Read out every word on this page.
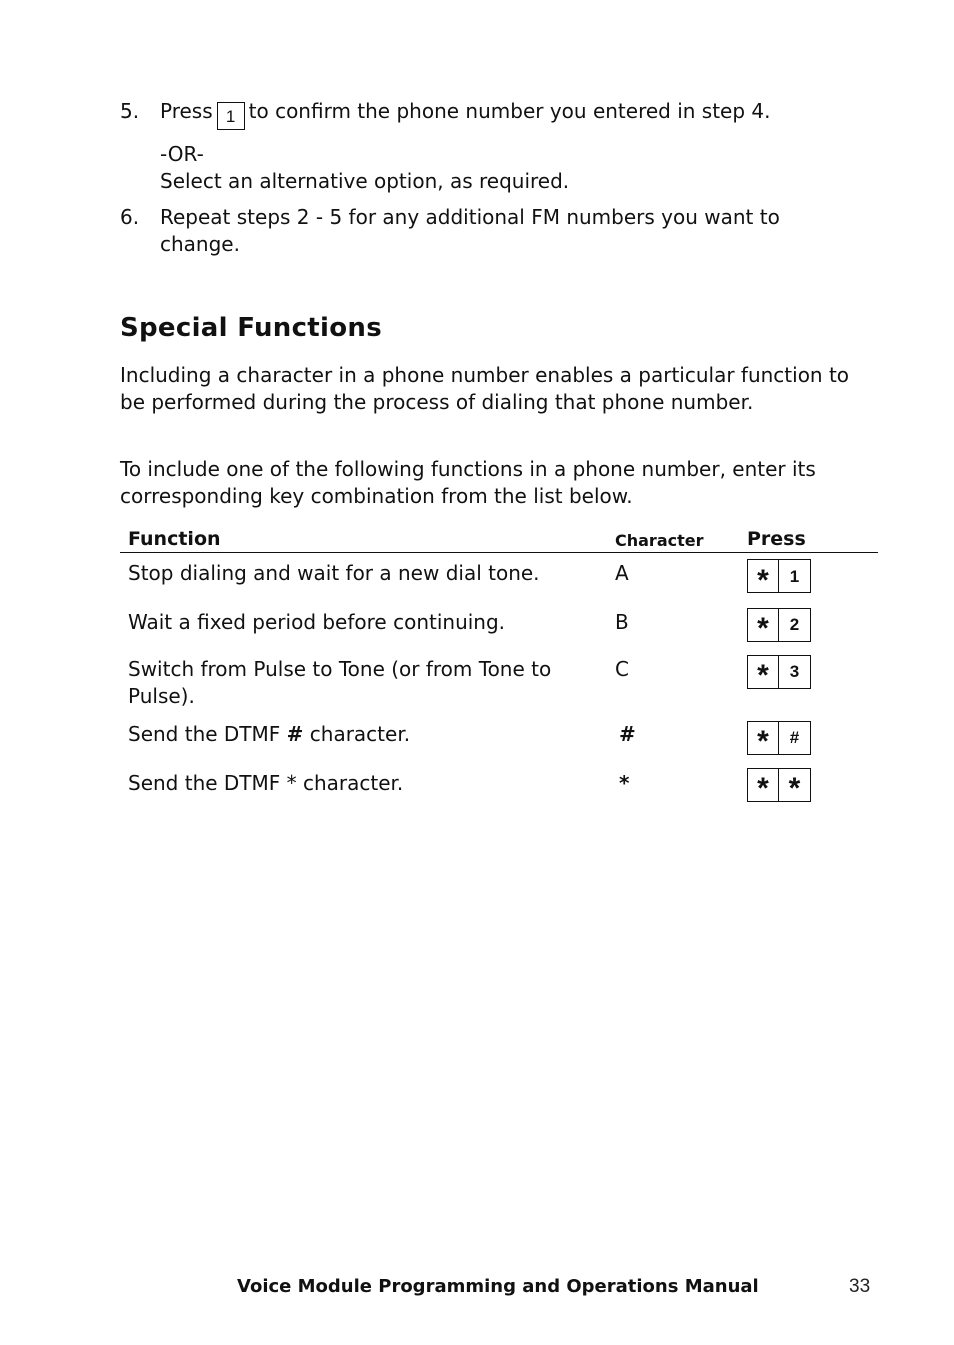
5. Press 1 to confirm the phone number you entered in step 4.
-OR-
Select an alternative option, as required.
6. Repeat steps 2 - 5 for any additional FM numbers you want to change.
Special Functions
Including a character in a phone number enables a particular function to be performed during the process of dialing that phone number.
To include one of the following functions in a phone number, enter its corresponding key combination from the list below.
Function	Character	Press
Stop dialing and wait for a new dial tone.	A	* 1

Wait a fixed period before continuing.	B	* 2

Switch from Pulse to Tone (or from Tone to Pulse).	C	* 3

Send the DTMF # character.	#	* #

Send the DTMF * character.	*	* *
Voice Module Programming and Operations Manual	33
